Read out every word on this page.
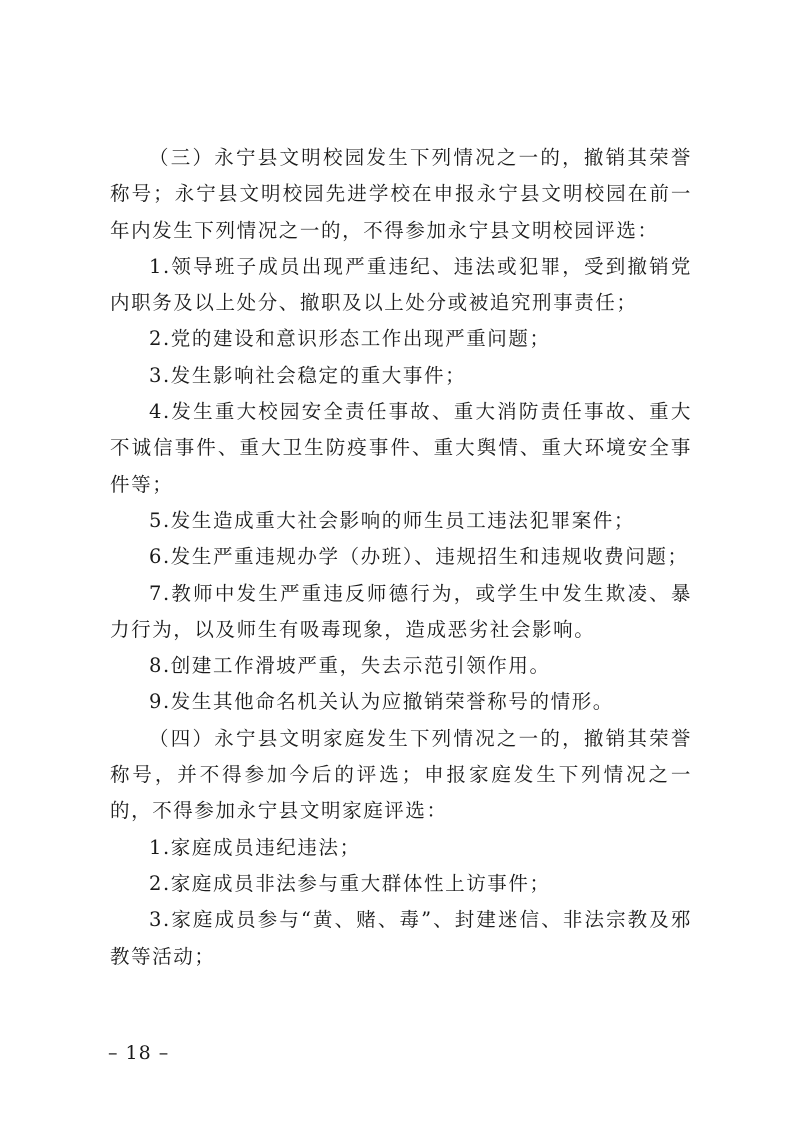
（三）永宁县文明校园发生下列情况之一的，撤销其荣誉称号；永宁县文明校园先进学校在申报永宁县文明校园在前一年内发生下列情况之一的，不得参加永宁县文明校园评选：

1.领导班子成员出现严重违纪、违法或犯罪，受到撤销党内职务及以上处分、撤职及以上处分或被追究刑事责任；

2.党的建设和意识形态工作出现严重问题；

3.发生影响社会稳定的重大事件；

4.发生重大校园安全责任事故、重大消防责任事故、重大不诚信事件、重大卫生防疫事件、重大舆情、重大环境安全事件等；

5.发生造成重大社会影响的师生员工违法犯罪案件；

6.发生严重违规办学（办班）、违规招生和违规收费问题；

7.教师中发生严重违反师德行为，或学生中发生欺凌、暴力行为，以及师生有吸毒现象，造成恶劣社会影响。

8.创建工作滑坡严重，失去示范引领作用。

9.发生其他命名机关认为应撤销荣誉称号的情形。

（四）永宁县文明家庭发生下列情况之一的，撤销其荣誉称号，并不得参加今后的评选；申报家庭发生下列情况之一的，不得参加永宁县文明家庭评选：

1.家庭成员违纪违法；

2.家庭成员非法参与重大群体性上访事件；

3.家庭成员参与“黄、赌、毒”、封建迷信、非法宗教及邪教等活动；

– 18 –
